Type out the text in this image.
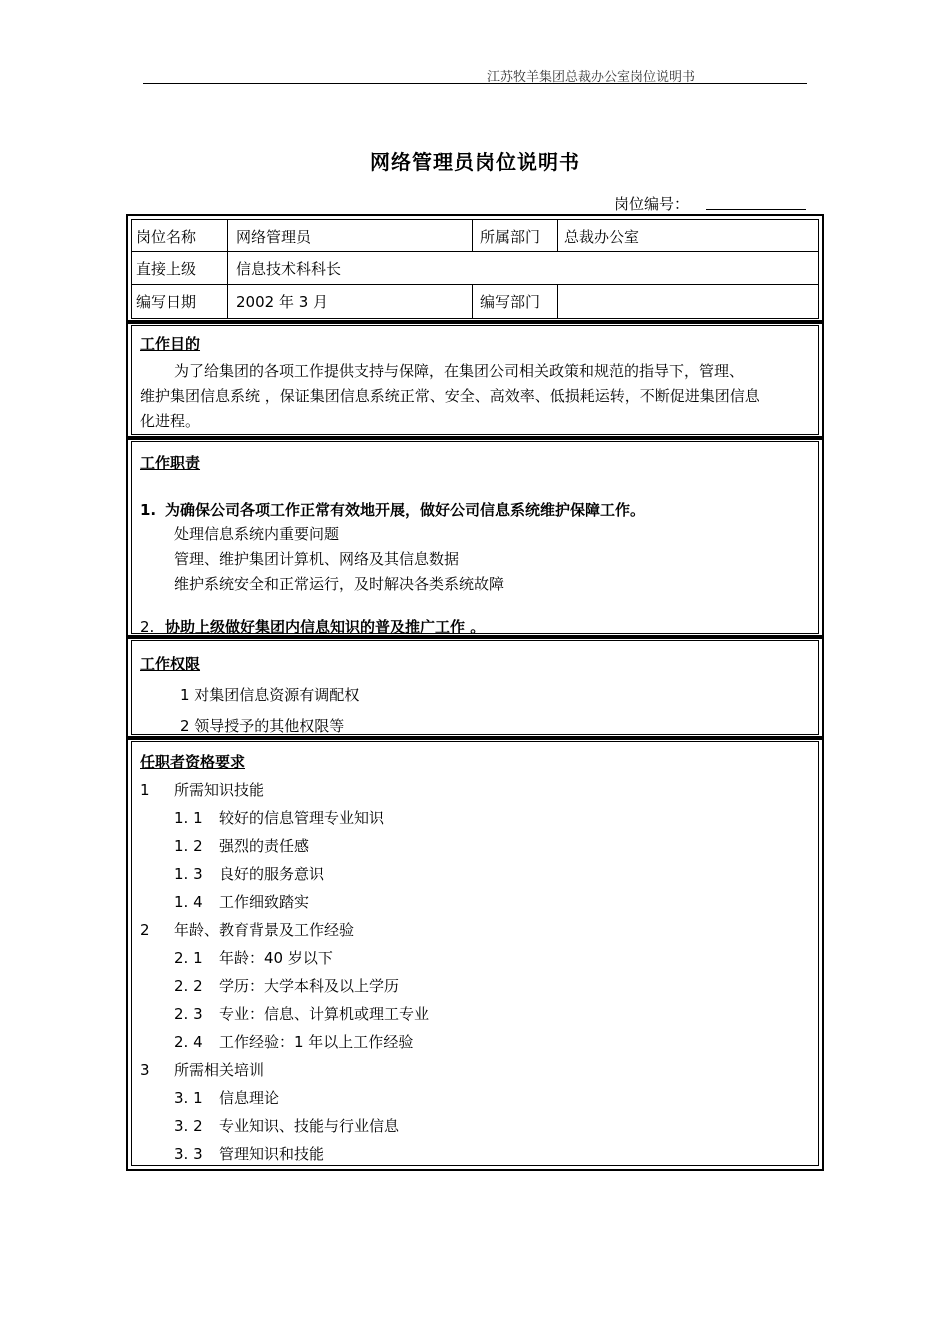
江苏牧羊集团总裁办公室岗位说明书
网络管理员岗位说明书
岗位编号：
岗位名称	网络管理员	所属部门 总裁办公室
直接上级	信息技术科科长
编写日期	2002 年 3 月	编写部门
工作目的
为了给集团的各项工作提供支持与保障，在集团公司相关政策和规范的指导下，管理、
维护集团信息系统 ，保证集团信息系统正常、安全、高效率、低损耗运转，不断促进集团信息
化进程。
工作职责
1. 为确保公司各项工作正常有效地开展，做好公司信息系统维护保障工作。
处理信息系统内重要问题
管理、维护集团计算机、网络及其信息数据
维护系统安全和正常运行，及时解决各类系统故障
2. 协助上级做好集团内信息知识的普及推广工作 。
工作权限
1 对集团信息资源有调配权
2 领导授予的其他权限等
任职者资格要求
1 所需知识技能
1. 1 较好的信息管理专业知识
1. 2 强烈的责任感
1. 3 良好的服务意识
1. 4 工作细致踏实
2 年龄、教育背景及工作经验
2. 1 年龄：40 岁以下
2. 2 学历：大学本科及以上学历
2. 3 专业：信息、计算机或理工专业
2. 4 工作经验：1 年以上工作经验
3 所需相关培训
3. 1 信息理论
3. 2 专业知识、技能与行业信息
3. 3 管理知识和技能
